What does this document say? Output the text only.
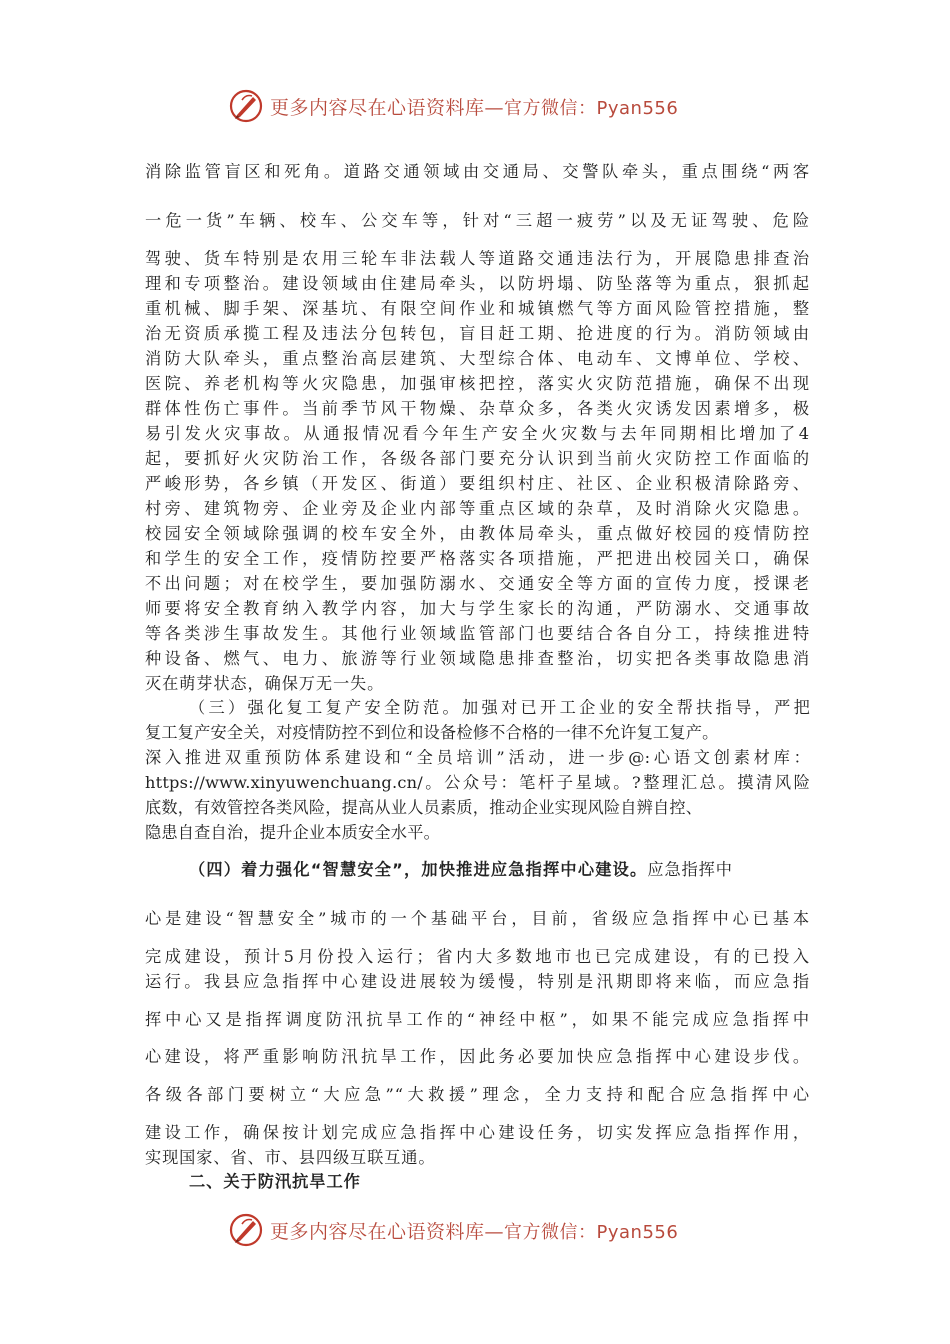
更多内容尽在心语资料库—官方微信：Pyan556
消除监管盲区和死角。道路交通领域由交通局、交警队牵头，重点围绕“两客
一危一货”车辆、校车、公交车等，针对“三超一疲劳”以及无证驾驶、危险
驾驶、货车特别是农用三轮车非法载人等道路交通违法行为，开展隐患排查治
理和专项整治。建设领域由住建局牵头，以防坍塌、防坠落等为重点，狠抓起
重机械、脚手架、深基坑、有限空间作业和城镇燃气等方面风险管控措施，整
治无资质承揽工程及违法分包转包，盲目赶工期、抢进度的行为。消防领域由
消防大队牵头，重点整治高层建筑、大型综合体、电动车、文博单位、学校、
医院、养老机构等火灾隐患，加强审核把控，落实火灾防范措施，确保不出现
群体性伤亡事件。当前季节风干物燥、杂草众多，各类火灾诱发因素增多，极
易引发火灾事故。从通报情况看今年生产安全火灾数与去年同期相比增加了4
起，要抓好火灾防治工作，各级各部门要充分认识到当前火灾防控工作面临的
严峻形势，各乡镇（开发区、街道）要组织村庄、社区、企业积极清除路旁、
村旁、建筑物旁、企业旁及企业内部等重点区域的杂草，及时消除火灾隐患。
校园安全领域除强调的校车安全外，由教体局牵头，重点做好校园的疫情防控
和学生的安全工作，疫情防控要严格落实各项措施，严把进出校园关口，确保
不出问题；对在校学生，要加强防溺水、交通安全等方面的宣传力度，授课老
师要将安全教育纳入教学内容，加大与学生家长的沟通，严防溺水、交通事故
等各类涉生事故发生。其他行业领域监管部门也要结合各自分工，持续推进特
种设备、燃气、电力、旅游等行业领域隐患排查整治，切实把各类事故隐患消
灭在萌芽状态，确保万无一失。
（三）强化复工复产安全防范。加强对已开工企业的安全帮扶指导，严把
复工复产安全关，对疫情防控不到位和设备检修不合格的一律不允许复工复产。
深入推进双重预防体系建设和“全员培训”活动，进一步@:心语文创素材库：
https://www.xinyuwenchuang.cn/。公众号：笔杆子星域。?整理汇总。摸清风险
底数，有效管控各类风险，提高从业人员素质，推动企业实现风险自辨自控、
隐患自查自治，提升企业本质安全水平。
（四）着力强化“智慧安全”，加快推进应急指挥中心建设。应急指挥中
心是建设“智慧安全”城市的一个基础平台，目前，省级应急指挥中心已基本
完成建设，预计5月份投入运行；省内大多数地市也已完成建设，有的已投入
运行。我县应急指挥中心建设进展较为缓慢，特别是汛期即将来临，而应急指
挥中心又是指挥调度防汛抗旱工作的“神经中枢”，如果不能完成应急指挥中
心建设，将严重影响防汛抗旱工作，因此务必要加快应急指挥中心建设步伐。
各级各部门要树立“大应急”“大救援”理念，全力支持和配合应急指挥中心
建设工作，确保按计划完成应急指挥中心建设任务，切实发挥应急指挥作用，
实现国家、省、市、县四级互联互通。
二、关于防汛抗旱工作
更多内容尽在心语资料库—官方微信：Pyan556
